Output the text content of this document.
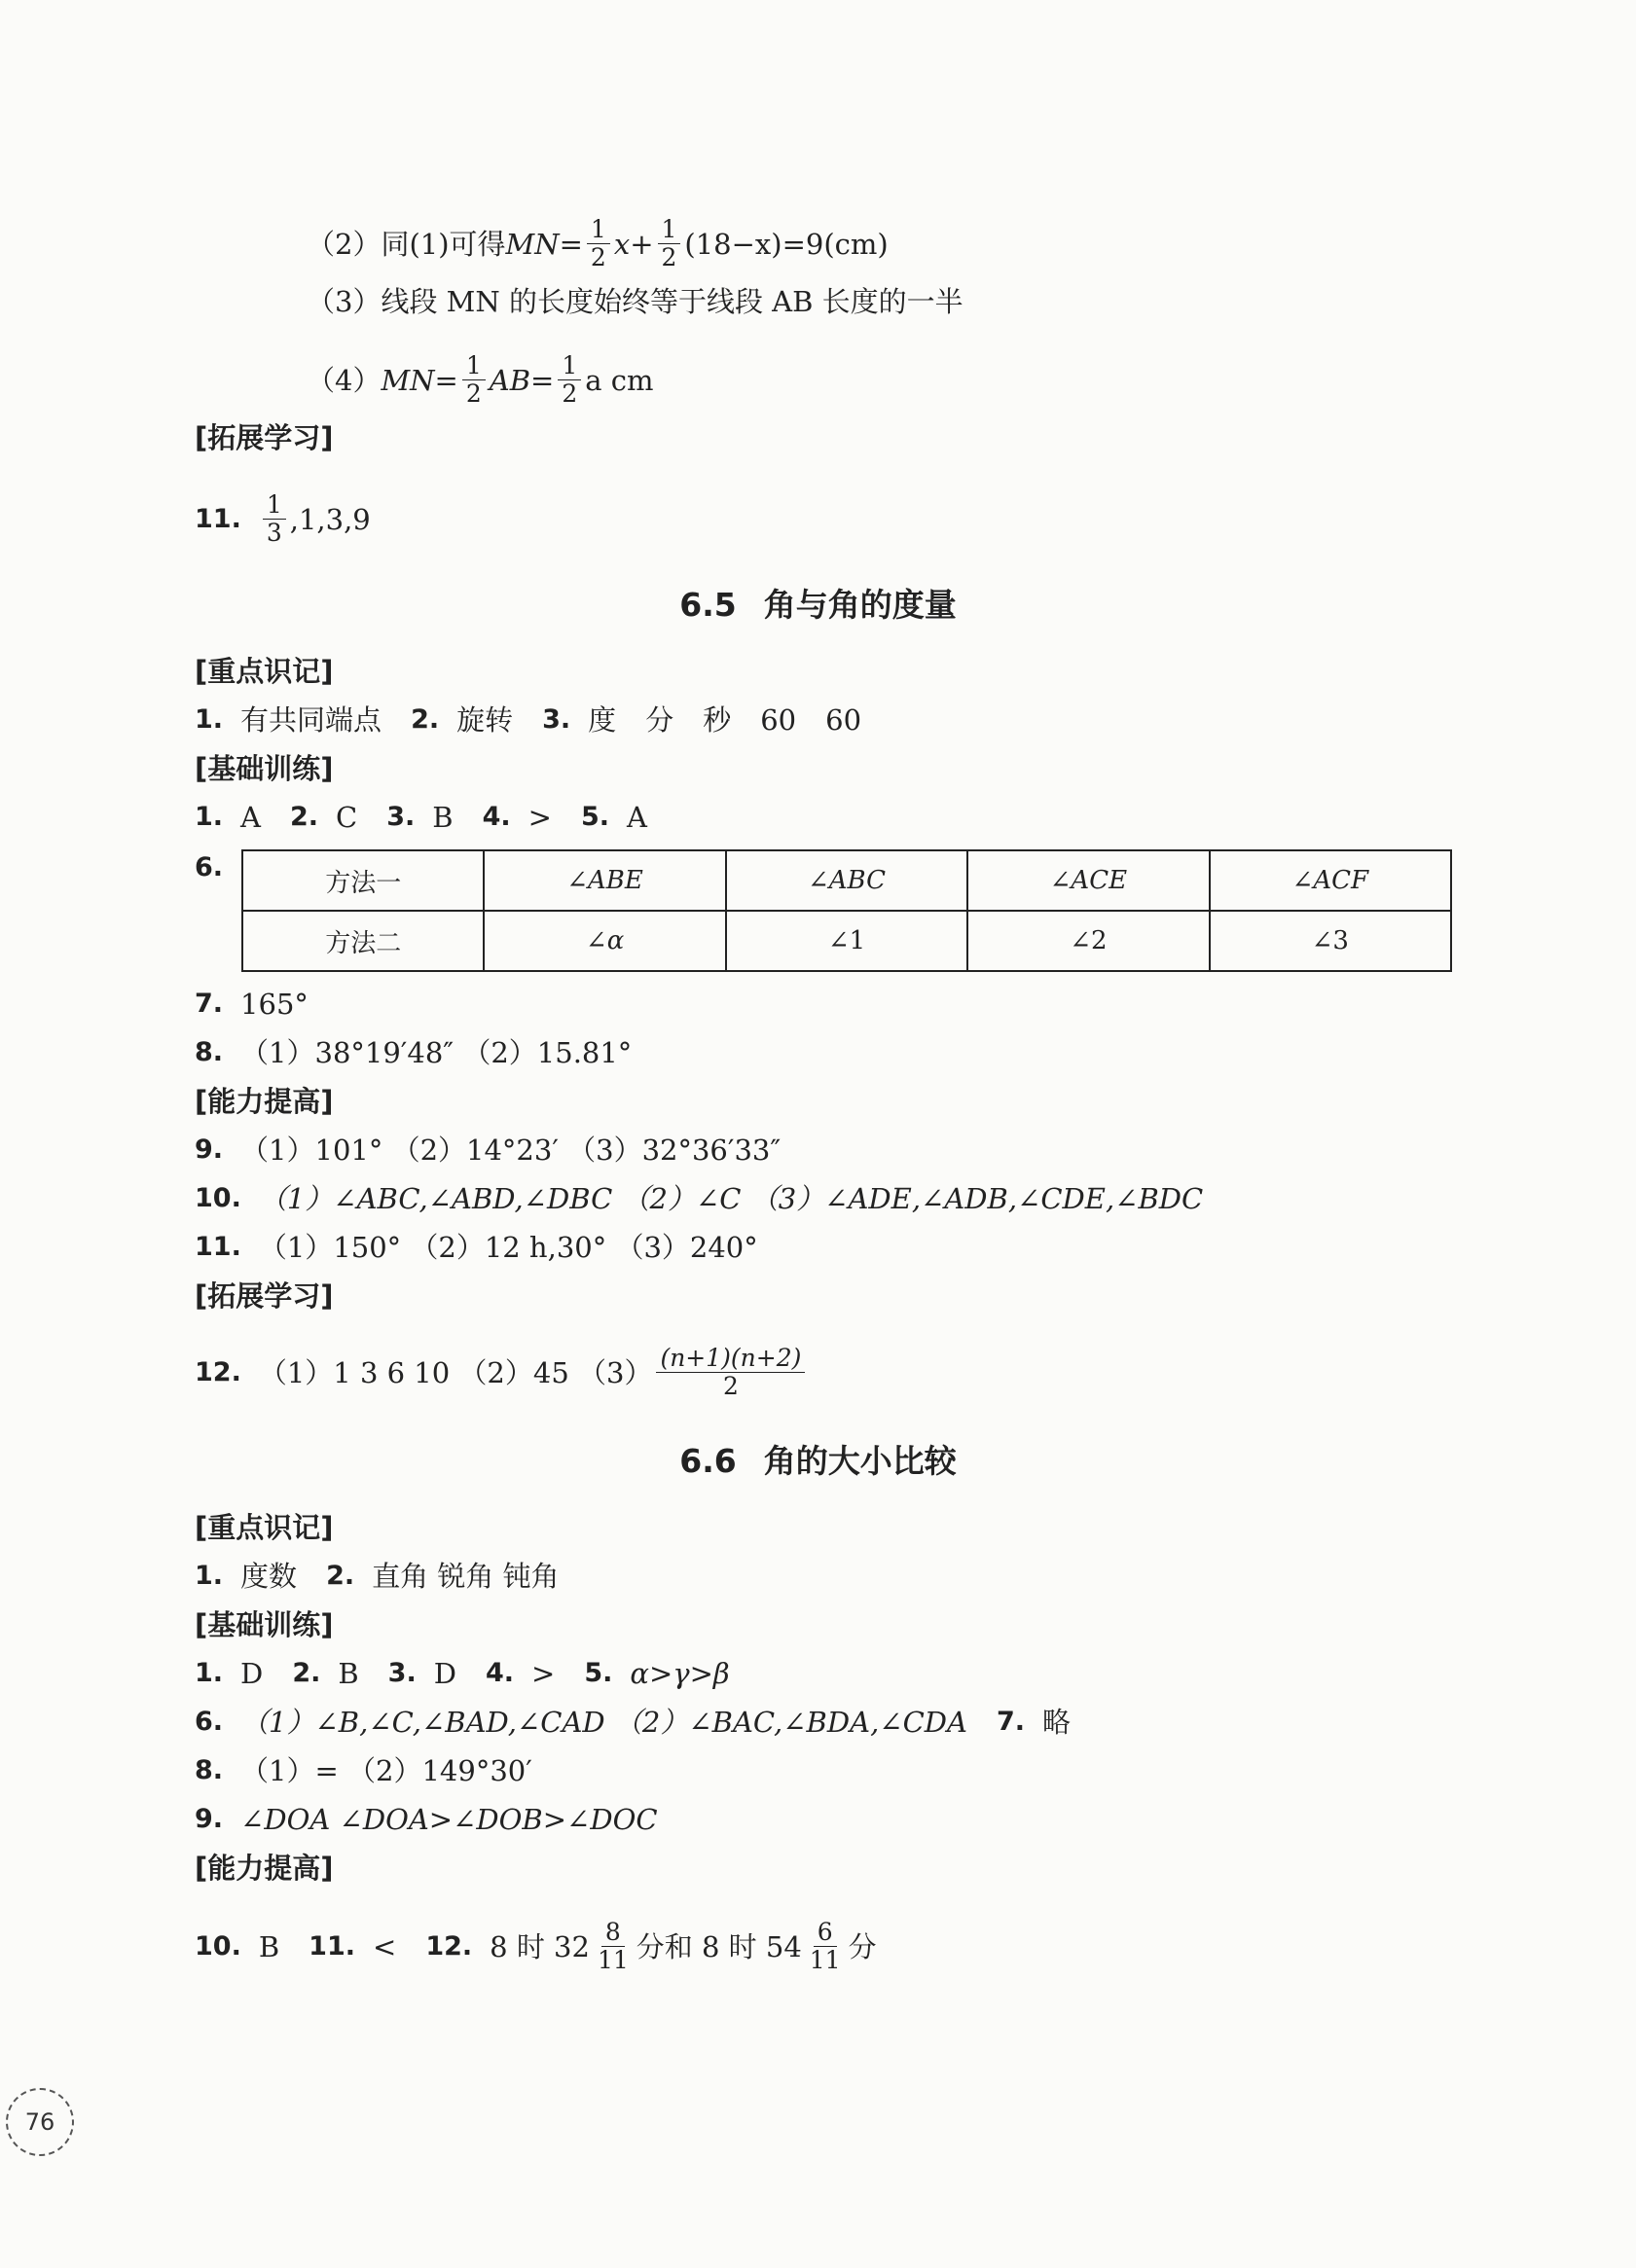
（2）同(1)可得 MN = $\frac{1}{2}$ $x + \frac{1}{2} (18-x)=9(cm)$
（3）线段 MN 的长度始终等于线段 AB 长度的一半
（4） MN = $\frac{1}{2}$ AB = $\frac{1}{2}$ a cm
[拓展学习]
11. $\frac{1}{3} ,1,3,9$
6.5 角与角的度量
[重点识记]
1. 有共同端点 2. 旋转 3. 度 分 秒 60 60
[基础训练]
1. A 2. C 3. B 4. > 5. A
6.
方法一	∠ABE	∠ABC	∠ACE	∠ACF
方法二	∠α	∠1	∠2	∠3
7. 165°
8. （1）38°19′48″ （2）15.81°
[能力提高]
9. （1）101° （2）14°23′ （3）32°36′33″
10. （1）∠ABC,∠ABD,∠DBC （2）∠C （3）∠ADE,∠ADB,∠CDE,∠BDC
11. （1）150° （2）12 h,30° （3）240°
[拓展学习]
12. （1）1 3 6 10 （2）45 $(3) \frac{(n+1)(n+2)}{2}$
6.6 角的大小比较
[重点识记]
1. 度数 2. 直角 锐角 钝角
[基础训练]
1. D 2. B 3. D 4. > 5. α>γ>β
6. （1）∠B,∠C,∠BAD,∠CAD （2）∠BAC,∠BDA,∠CDA 7. 略
8. （1）= （2）149°30′
9. ∠DOA ∠DOA>∠DOB>∠DOC
[能力提高]
10. B 11. < 12. 8 时 $32 \frac{8}{11}$ 分和 8 时 $54 \frac{6}{11}$ 分
76
